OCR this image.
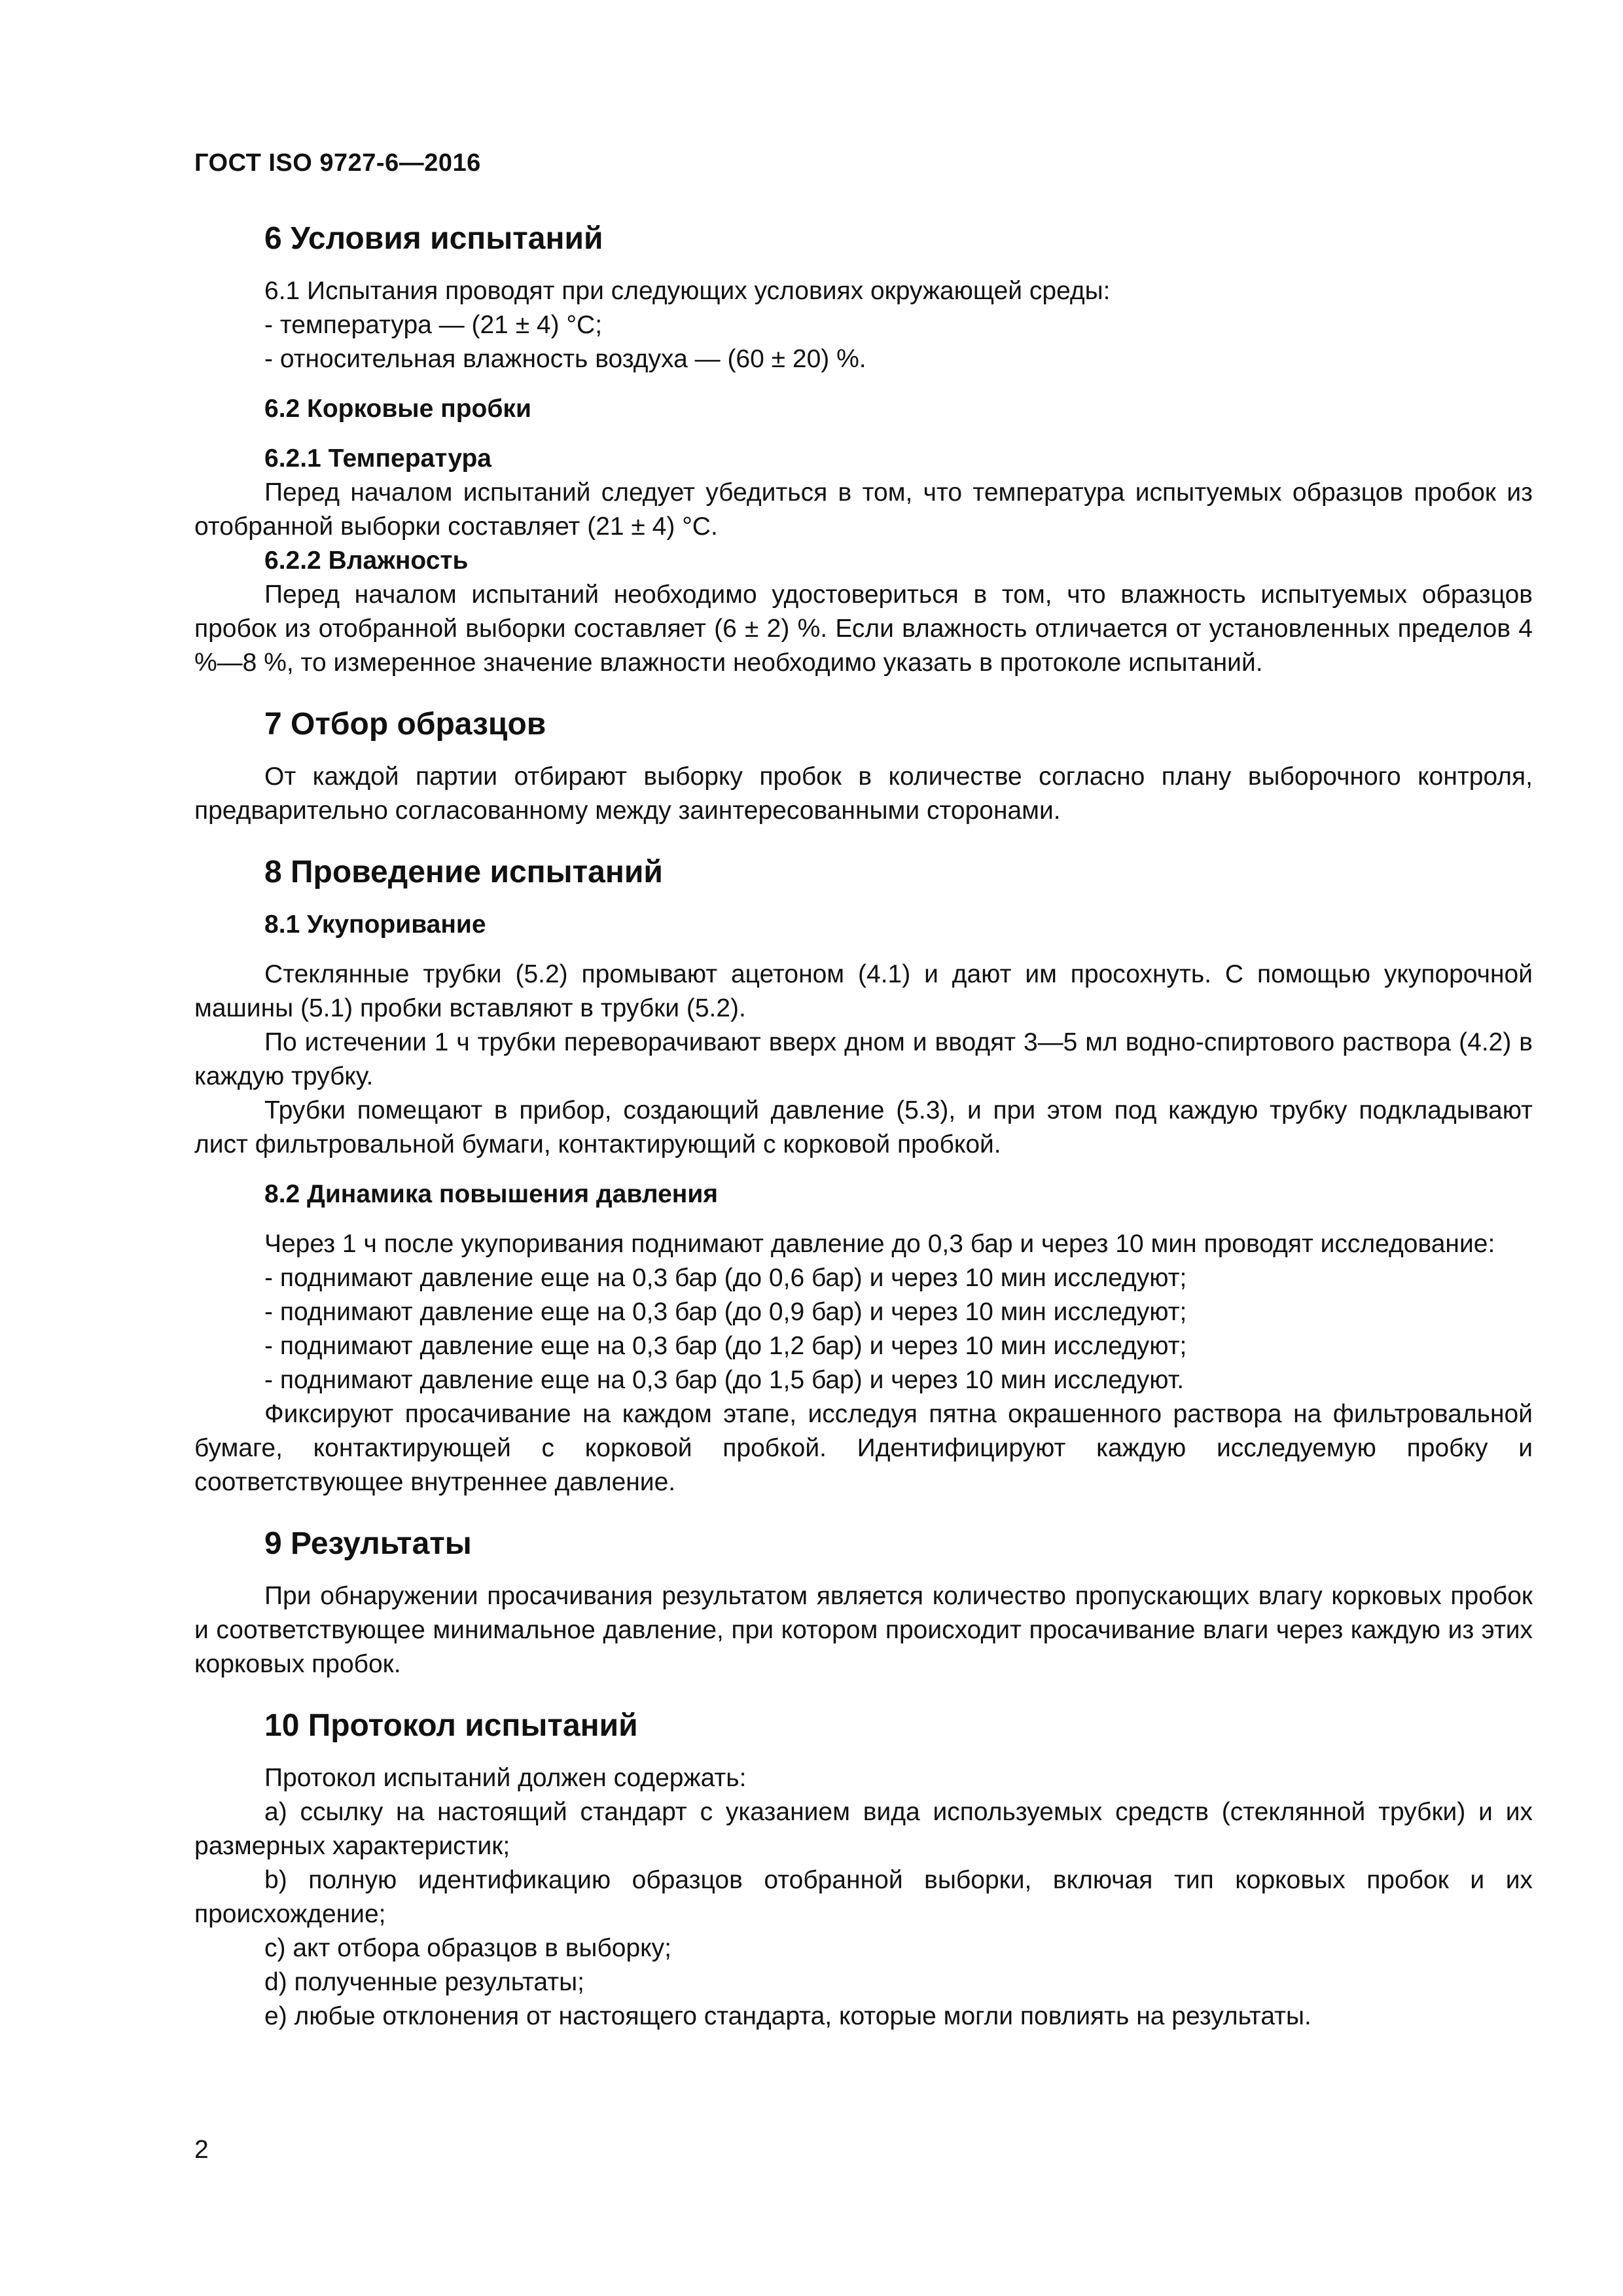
ГОСТ ISO 9727-6—2016
6 Условия испытаний

6.1 Испытания проводят при следующих условиях окружающей среды:

- температура — (21 ± 4) °С;

- относительная влажность воздуха — (60 ± 20) %.

6.2 Корковые пробки

6.2.1 Температура

Перед началом испытаний следует убедиться в том, что температура испытуемых образцов пробок из отобранной выборки составляет (21 ± 4) °С.

6.2.2 Влажность

Перед началом испытаний необходимо удостовериться в том, что влажность испытуемых образцов пробок из отобранной выборки составляет (6 ± 2) %. Если влажность отличается от установленных пределов 4 %—8 %, то измеренное значение влажности необходимо указать в протоколе испытаний.

7 Отбор образцов

От каждой партии отбирают выборку пробок в количестве согласно плану выборочного контроля, предварительно согласованному между заинтересованными сторонами.

8 Проведение испытаний

8.1 Укупоривание

Стеклянные трубки (5.2) промывают ацетоном (4.1) и дают им просохнуть. С помощью укупорочной машины (5.1) пробки вставляют в трубки (5.2).

По истечении 1 ч трубки переворачивают вверх дном и вводят 3—5 мл водно-спиртового раствора (4.2) в каждую трубку.

Трубки помещают в прибор, создающий давление (5.3), и при этом под каждую трубку подкладывают лист фильтровальной бумаги, контактирующий с корковой пробкой.

8.2 Динамика повышения давления

Через 1 ч после укупоривания поднимают давление до 0,3 бар и через 10 мин проводят исследование:

- поднимают давление еще на 0,3 бар (до 0,6 бар) и через 10 мин исследуют;

- поднимают давление еще на 0,3 бар (до 0,9 бар) и через 10 мин исследуют;

- поднимают давление еще на 0,3 бар (до 1,2 бар) и через 10 мин исследуют;

- поднимают давление еще на 0,3 бар (до 1,5 бар) и через 10 мин исследуют.

Фиксируют просачивание на каждом этапе, исследуя пятна окрашенного раствора на фильтровальной бумаге, контактирующей с корковой пробкой. Идентифицируют каждую исследуемую пробку и соответствующее внутреннее давление.

9 Результаты

При обнаружении просачивания результатом является количество пропускающих влагу корковых пробок и соответствующее минимальное давление, при котором происходит просачивание влаги через каждую из этих корковых пробок.

10 Протокол испытаний

Протокол испытаний должен содержать:

а) ссылку на настоящий стандарт с указанием вида используемых средств (стеклянной трубки) и их размерных характеристик;

b) полную идентификацию образцов отобранной выборки, включая тип корковых пробок и их происхождение;

с) акт отбора образцов в выборку;

d) полученные результаты;

е) любые отклонения от настоящего стандарта, которые могли повлиять на результаты.

2
